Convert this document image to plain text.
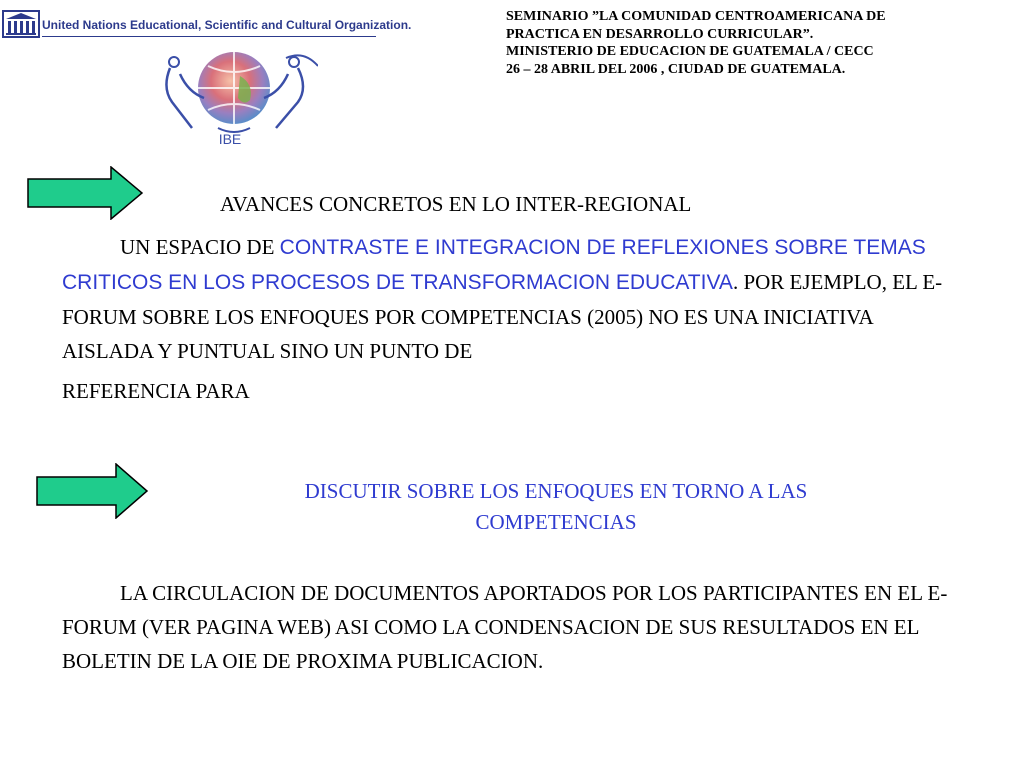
United Nations Educational, Scientific and Cultural Organization.
IBE
SEMINARIO ”LA COMUNIDAD CENTROAMERICANA DE
PRACTICA EN DESARROLLO CURRICULAR”.
MINISTERIO DE EDUCACION DE GUATEMALA / CECC
26 – 28 ABRIL DEL 2006 , CIUDAD DE GUATEMALA.
AVANCES CONCRETOS EN LO INTER-REGIONAL
UN ESPACIO DE CONTRASTE E INTEGRACION DE REFLEXIONES SOBRE TEMAS CRITICOS EN LOS PROCESOS DE TRANSFORMACION EDUCATIVA. POR EJEMPLO, EL E-FORUM SOBRE LOS ENFOQUES POR COMPETENCIAS (2005) NO ES UNA INICIATIVA AISLADA Y PUNTUAL SINO UN PUNTO DE
REFERENCIA PARA
DISCUTIR SOBRE LOS ENFOQUES EN TORNO A LAS
COMPETENCIAS
LA CIRCULACION DE DOCUMENTOS APORTADOS POR LOS PARTICIPANTES EN EL E-FORUM (VER PAGINA WEB) ASI COMO LA CONDENSACION DE SUS RESULTADOS EN EL BOLETIN DE LA OIE DE PROXIMA PUBLICACION.
